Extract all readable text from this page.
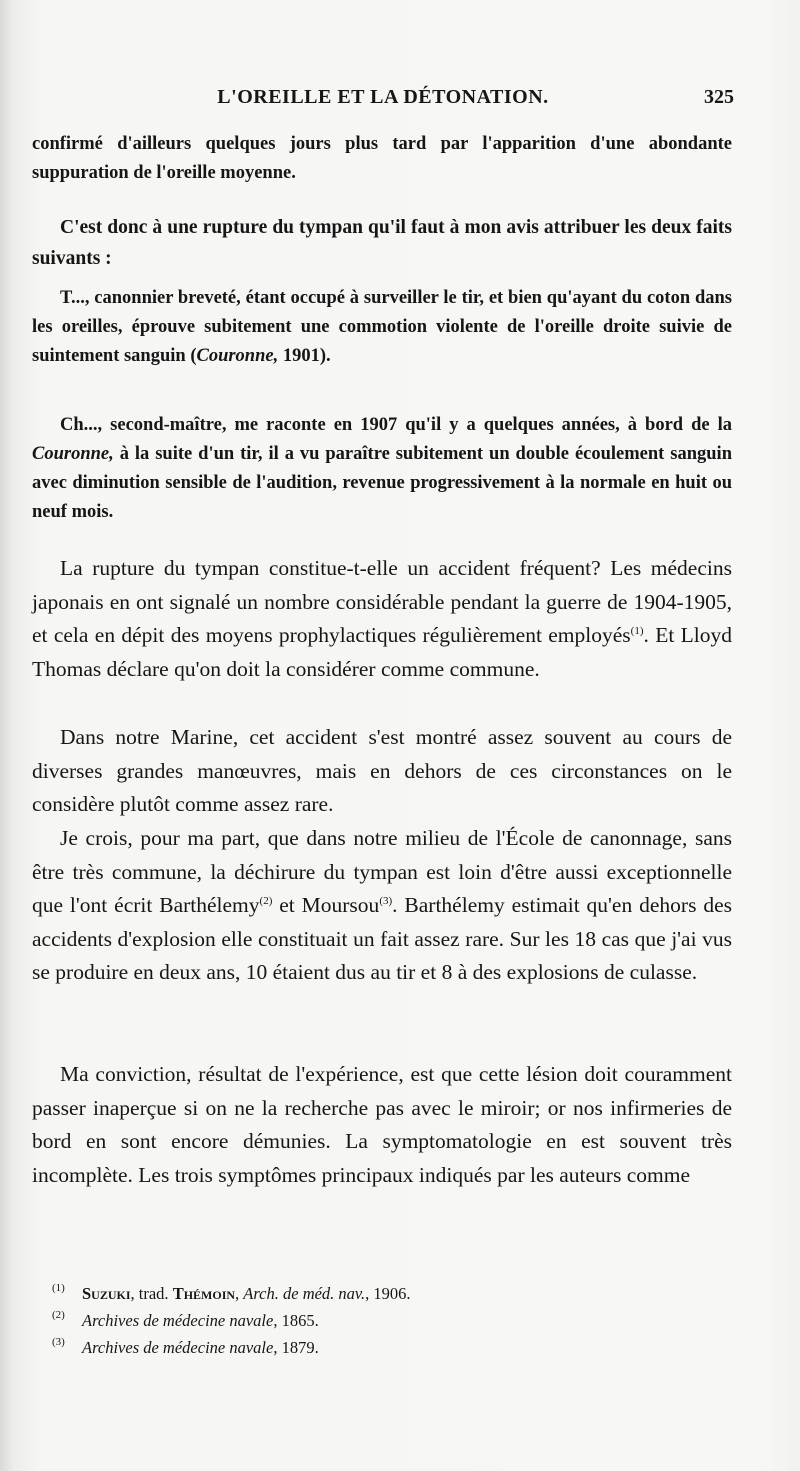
L'OREILLE ET LA DÉTONATION.	325

confirmé d'ailleurs quelques jours plus tard par l'apparition d'une abondante suppuration de l'oreille moyenne.

C'est donc à une rupture du tympan qu'il faut à mon avis attribuer les deux faits suivants :

T..., canonnier breveté, étant occupé à surveiller le tir, et bien qu'ayant du coton dans les oreilles, éprouve subitement une commotion violente de l'oreille droite suivie de suintement sanguin (Couronne, 1901).

Ch..., second-maître, me raconte en 1907 qu'il y a quelques années, à bord de la Couronne, à la suite d'un tir, il a vu paraître subitement un double écoulement sanguin avec diminution sensible de l'audition, revenue progressivement à la normale en huit ou neuf mois.

La rupture du tympan constitue-t-elle un accident fréquent? Les médecins japonais en ont signalé un nombre considérable pendant la guerre de 1904-1905, et cela en dépit des moyens prophylactiques régulièrement employés$^{(1)}$. Et Lloyd Thomas déclare qu'on doit la considérer comme commune.

Dans notre Marine, cet accident s'est montré assez souvent au cours de diverses grandes manœuvres, mais en dehors de ces circonstances on le considère plutôt comme assez rare.

Je crois, pour ma part, que dans notre milieu de l'École de canonnage, sans être très commune, la déchirure du tympan est loin d'être aussi exceptionnelle que l'ont écrit Barthélemy$^{(2)}$ et Moursou$^{(3)}$. Barthélemy estimait qu'en dehors des accidents d'explosion elle constituait un fait assez rare. Sur les 18 cas que j'ai vus se produire en deux ans, 10 étaient dus au tir et 8 à des explosions de culasse.

Ma conviction, résultat de l'expérience, est que cette lésion doit couramment passer inaperçue si on ne la recherche pas avec le miroir; or nos infirmeries de bord en sont encore démunies. La symptomatologie en est souvent très incomplète. Les trois symptômes principaux indiqués par les auteurs comme

(1)	Suzuki, trad. Thémoin, Arch. de méd. nav., 1906.
(2)	Archives de médecine navale, 1865.
(3)	Archives de médecine navale, 1879.
